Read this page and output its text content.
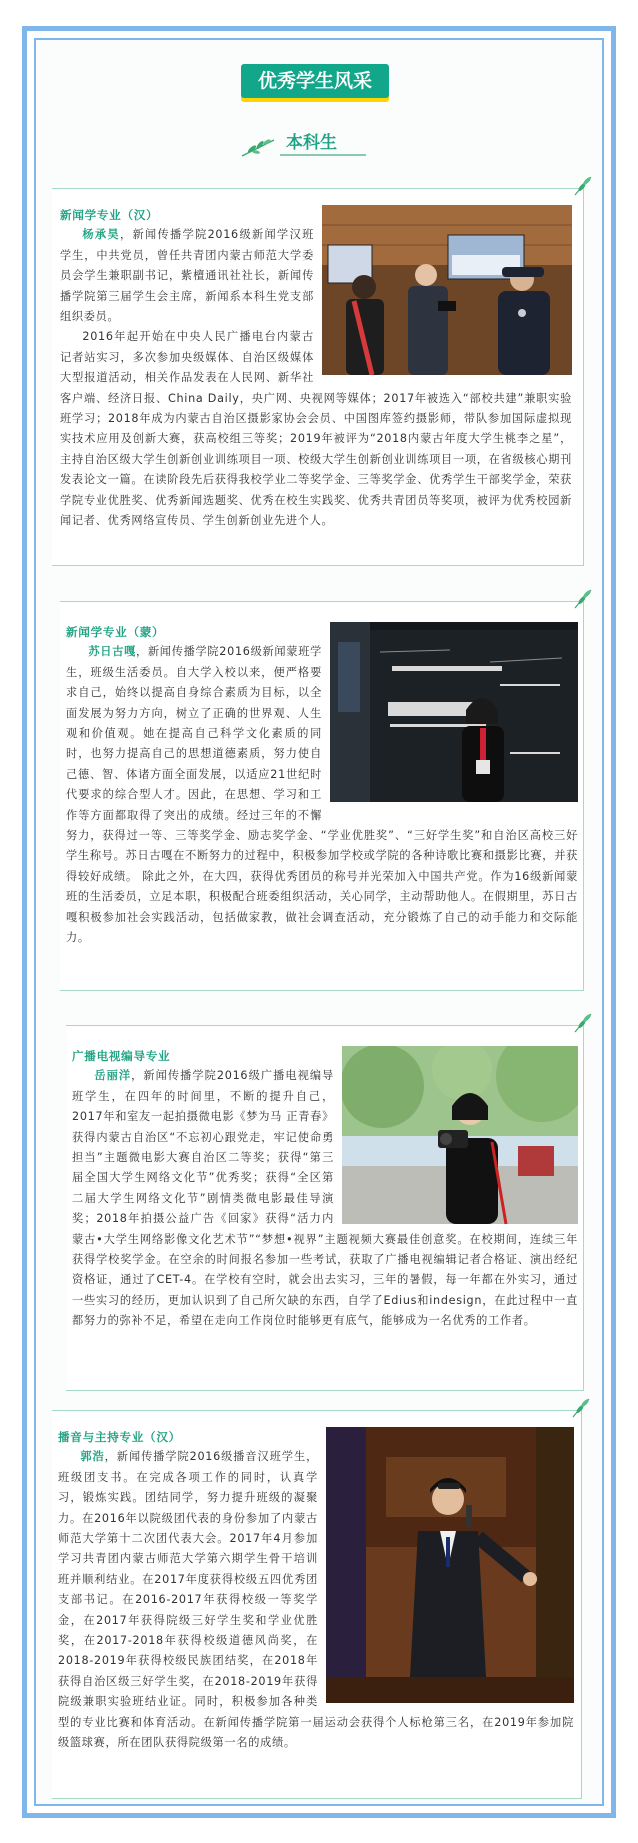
优秀学生风采
本科生
新闻学专业（汉）

杨承昊，新闻传播学院2016级新闻学汉班学生，中共党员，曾任共青团内蒙古师范大学委员会学生兼职副书记，紫檀通讯社社长，新闻传播学院第三届学生会主席，新闻系本科生党支部组织委员。

2016年起开始在中央人民广播电台内蒙古记者站实习，多次参加央级媒体、自治区级媒体大型报道活动，相关作品发表在人民网、新华社客户端、经济日报、China Daily，央广网、央视网等媒体；2017年被选入“部校共建”兼职实验班学习；2018年成为内蒙古自治区摄影家协会会员、中国图库签约摄影师，带队参加国际虚拟现实技术应用及创新大赛，获高校组三等奖；2019年被评为“2018内蒙古年度大学生桃李之星”，主持自治区级大学生创新创业训练项目一项、校级大学生创新创业训练项目一项，在省级核心期刊发表论文一篇。在读阶段先后获得我校学业二等奖学金、三等奖学金、优秀学生干部奖学金，荣获学院专业优胜奖、优秀新闻选题奖、优秀在校生实践奖、优秀共青团员等奖项，被评为优秀校园新闻记者、优秀网络宣传员、学生创新创业先进个人。

新闻学专业（蒙）

苏日古嘎，新闻传播学院2016级新闻蒙班学生，班级生活委员。自大学入校以来，便严格要求自己，始终以提高自身综合素质为目标，以全面发展为努力方向，树立了正确的世界观、人生观和价值观。她在提高自己科学文化素质的同时，也努力提高自己的思想道德素质，努力使自己德、智、体诸方面全面发展，以适应21世纪时代要求的综合型人才。因此，在思想、学习和工作等方面都取得了突出的成绩。经过三年的不懈努力，获得过一等、三等奖学金、励志奖学金、“学业优胜奖”、“三好学生奖”和自治区高校三好学生称号。苏日古嘎在不断努力的过程中，积极参加学校或学院的各种诗歌比赛和摄影比赛，并获得较好成绩。 除此之外，在大四，获得优秀团员的称号并光荣加入中国共产党。作为16级新闻蒙班的生活委员，立足本职，积极配合班委组织活动，关心同学，主动帮助他人。在假期里，苏日古嘎积极参加社会实践活动，包括做家教，做社会调查活动，充分锻炼了自己的动手能力和交际能力。

广播电视编导专业

岳丽洋，新闻传播学院2016级广播电视编导班学生，在四年的时间里，不断的提升自己，2017年和室友一起拍摄微电影《梦为马 正青春》获得内蒙古自治区“不忘初心跟党走，牢记使命勇担当”主题微电影大赛自治区二等奖；获得“第三届全国大学生网络文化节”优秀奖；获得“全区第二届大学生网络文化节”剧情类微电影最佳导演奖；2018年拍摄公益广告《回家》获得“活力内蒙古•大学生网络影像文化艺术节”“梦想•视界”主题视频大赛最佳创意奖。在校期间，连续三年获得学校奖学金。在空余的时间报名参加一些考试，获取了广播电视编辑记者合格证、演出经纪资格证，通过了CET-4。在学校有空时，就会出去实习，三年的暑假，每一年都在外实习，通过一些实习的经历，更加认识到了自己所欠缺的东西，自学了Edius和indesign，在此过程中一直都努力的弥补不足，希望在走向工作岗位时能够更有底气，能够成为一名优秀的工作者。

播音与主持专业（汉）

郭浩，新闻传播学院2016级播音汉班学生，班级团支书。在完成各项工作的同时，认真学习，锻炼实践。团结同学，努力提升班级的凝聚力。在2016年以院级团代表的身份参加了内蒙古师范大学第十二次团代表大会。2017年4月参加学习共青团内蒙古师范大学第六期学生骨干培训班并顺利结业。在2017年度获得校级五四优秀团支部书记。在2016-2017年获得校级一等奖学金，在2017年获得院级三好学生奖和学业优胜奖，在2017-2018年获得校级道德风尚奖，在2018-2019年获得校级民族团结奖，在2018年获得自治区级三好学生奖，在2018-2019年获得院级兼职实验班结业证。同时，积极参加各种类型的专业比赛和体育活动。在新闻传播学院第一届运动会获得个人标枪第三名，在2019年参加院级篮球赛，所在团队获得院级第一名的成绩。
